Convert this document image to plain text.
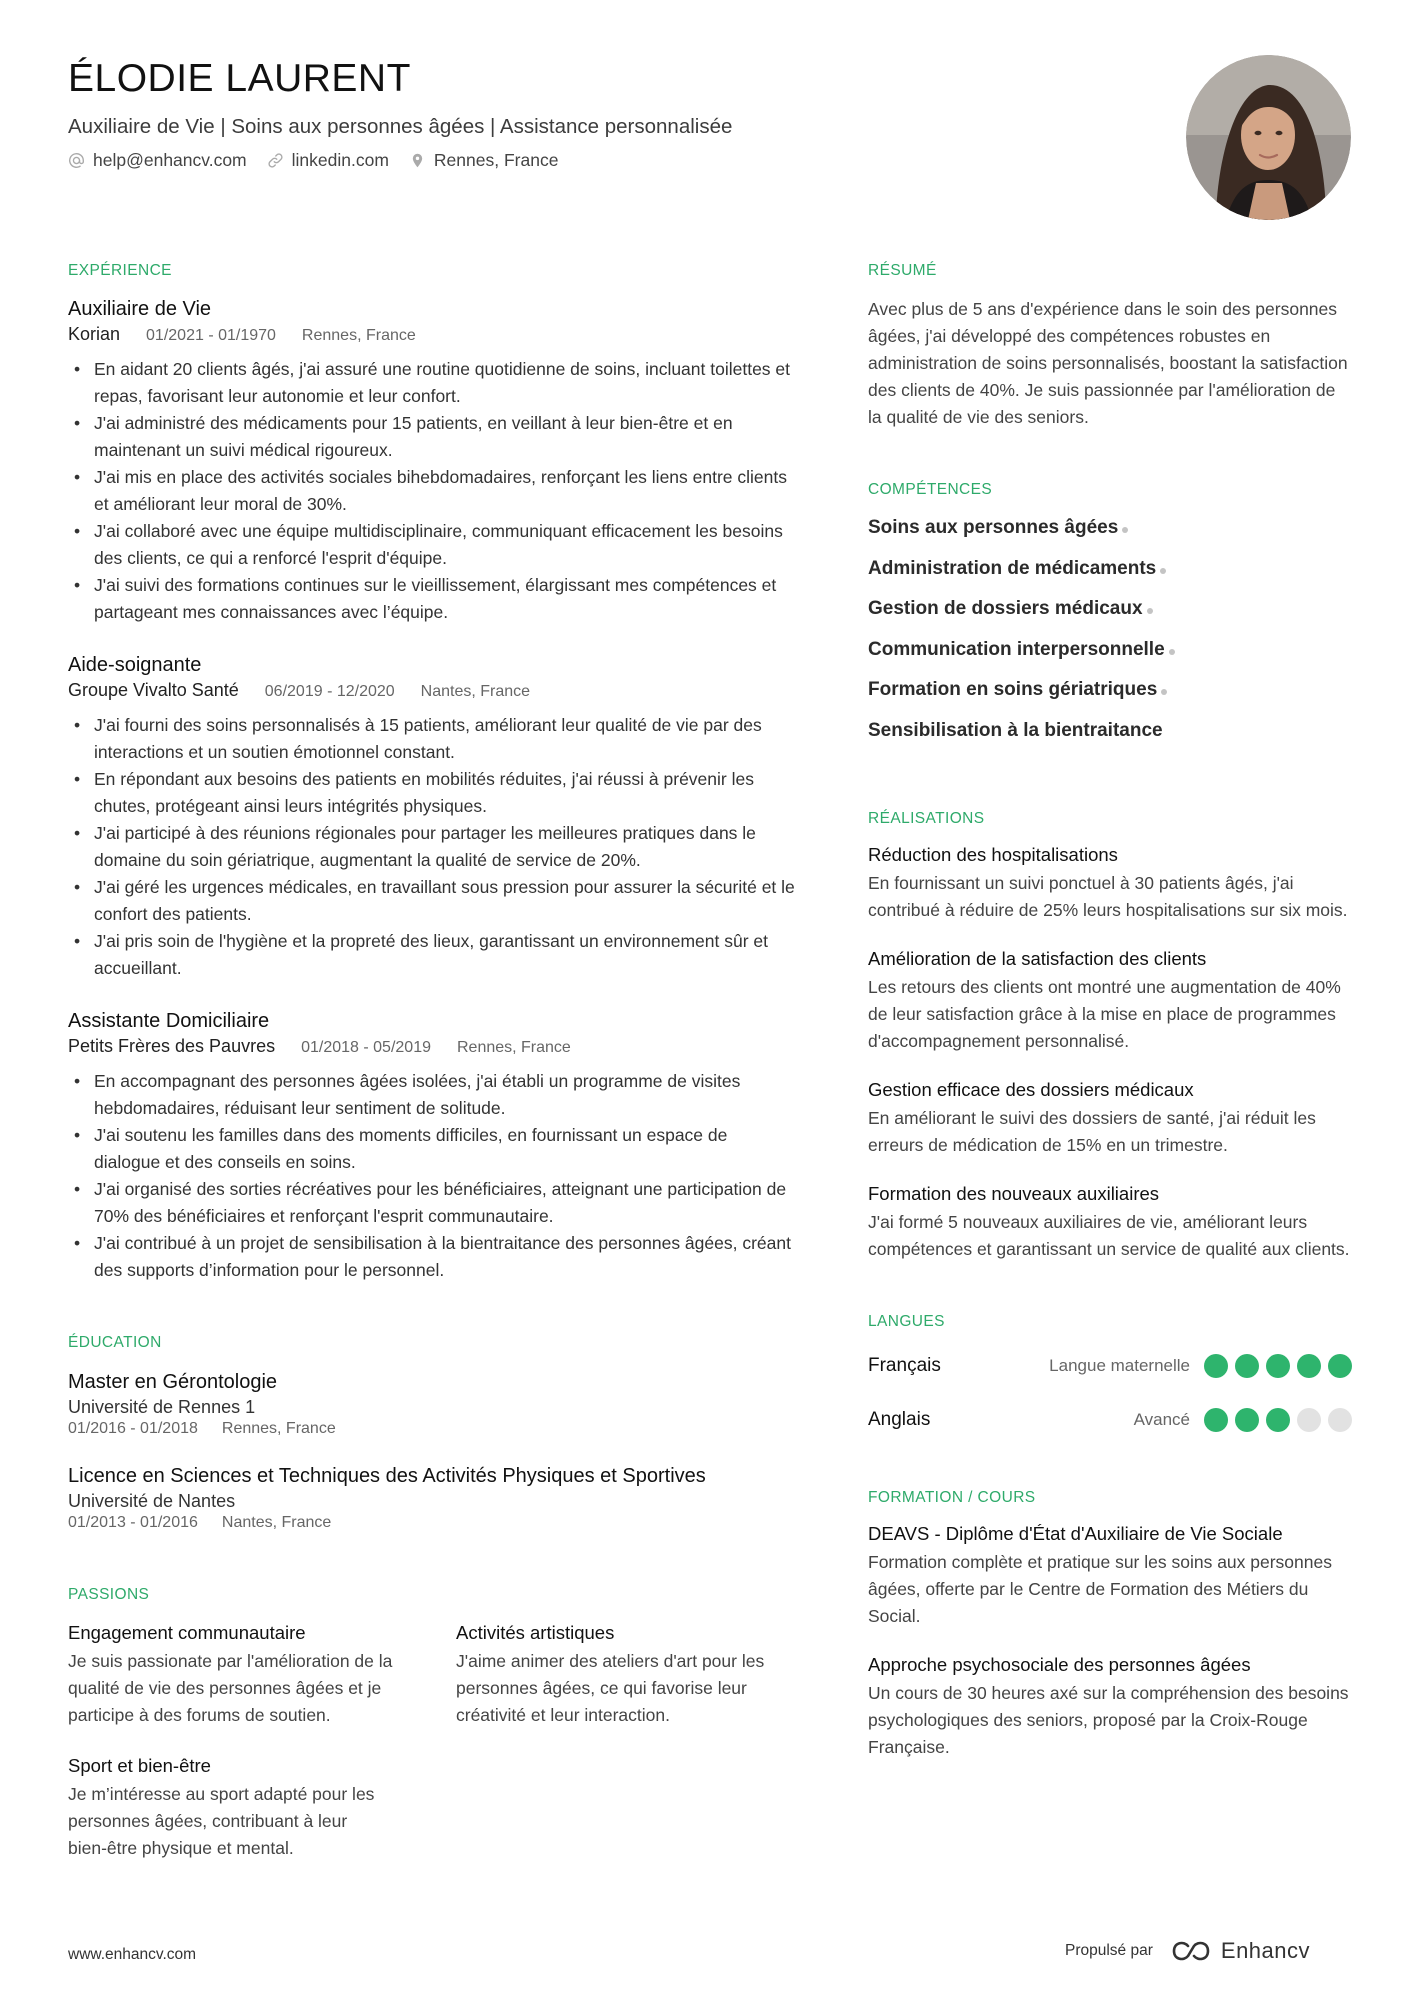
ÉLODIE LAURENT
Auxiliaire de Vie | Soins aux personnes âgées | Assistance personnalisée
help@enhancv.com	linkedin.com	Rennes, France
EXPÉRIENCE
Auxiliaire de Vie
Korian 01/2021 - 01/1970 Rennes, France
• En aidant 20 clients âgés, j'ai assuré une routine quotidienne de soins, incluant toilettes et repas, favorisant leur autonomie et leur confort.
• J'ai administré des médicaments pour 15 patients, en veillant à leur bien-être et en maintenant un suivi médical rigoureux.
• J'ai mis en place des activités sociales bihebdomadaires, renforçant les liens entre clients et améliorant leur moral de 30%.
• J'ai collaboré avec une équipe multidisciplinaire, communiquant efficacement les besoins des clients, ce qui a renforcé l'esprit d'équipe.
• J'ai suivi des formations continues sur le vieillissement, élargissant mes compétences et partageant mes connaissances avec l’équipe.
Aide-soignante
Groupe Vivalto Santé 06/2019 - 12/2020 Nantes, France
• J'ai fourni des soins personnalisés à 15 patients, améliorant leur qualité de vie par des interactions et un soutien émotionnel constant.
• En répondant aux besoins des patients en mobilités réduites, j'ai réussi à prévenir les chutes, protégeant ainsi leurs intégrités physiques.
• J'ai participé à des réunions régionales pour partager les meilleures pratiques dans le domaine du soin gériatrique, augmentant la qualité de service de 20%.
• J'ai géré les urgences médicales, en travaillant sous pression pour assurer la sécurité et le confort des patients.
• J'ai pris soin de l'hygiène et la propreté des lieux, garantissant un environnement sûr et accueillant.
Assistante Domiciliaire
Petits Frères des Pauvres 01/2018 - 05/2019 Rennes, France
• En accompagnant des personnes âgées isolées, j'ai établi un programme de visites hebdomadaires, réduisant leur sentiment de solitude.
• J'ai soutenu les familles dans des moments difficiles, en fournissant un espace de dialogue et des conseils en soins.
• J'ai organisé des sorties récréatives pour les bénéficiaires, atteignant une participation de 70% des bénéficiaires et renforçant l'esprit communautaire.
• J'ai contribué à un projet de sensibilisation à la bientraitance des personnes âgées, créant des supports d’information pour le personnel.
ÉDUCATION
Master en Gérontologie
Université de Rennes 1
01/2016 - 01/2018 Rennes, France
Licence en Sciences et Techniques des Activités Physiques et Sportives
Université de Nantes
01/2013 - 01/2016 Nantes, France
PASSIONS
Engagement communautaire
Je suis passionate par l'amélioration de la qualité de vie des personnes âgées et je participe à des forums de soutien.
Activités artistiques
J'aime animer des ateliers d'art pour les personnes âgées, ce qui favorise leur créativité et leur interaction.
Sport et bien-être
Je m’intéresse au sport adapté pour les personnes âgées, contribuant à leur bien-être physique et mental.
RÉSUMÉ
Avec plus de 5 ans d'expérience dans le soin des personnes âgées, j'ai développé des compétences robustes en administration de soins personnalisés, boostant la satisfaction des clients de 40%. Je suis passionnée par l'amélioration de la qualité de vie des seniors.
COMPÉTENCES
Soins aux personnes âgées
Administration de médicaments
Gestion de dossiers médicaux
Communication interpersonnelle
Formation en soins gériatriques
Sensibilisation à la bientraitance
RÉALISATIONS
Réduction des hospitalisations
En fournissant un suivi ponctuel à 30 patients âgés, j'ai contribué à réduire de 25% leurs hospitalisations sur six mois.
Amélioration de la satisfaction des clients
Les retours des clients ont montré une augmentation de 40% de leur satisfaction grâce à la mise en place de programmes d'accompagnement personnalisé.
Gestion efficace des dossiers médicaux
En améliorant le suivi des dossiers de santé, j'ai réduit les erreurs de médication de 15% en un trimestre.
Formation des nouveaux auxiliaires
J'ai formé 5 nouveaux auxiliaires de vie, améliorant leurs compétences et garantissant un service de qualité aux clients.
LANGUES
Français	Langue maternelle
Anglais	Avancé
FORMATION / COURS
DEAVS - Diplôme d'État d'Auxiliaire de Vie Sociale
Formation complète et pratique sur les soins aux personnes âgées, offerte par le Centre de Formation des Métiers du Social.
Approche psychosociale des personnes âgées
Un cours de 30 heures axé sur la compréhension des besoins psychologiques des seniors, proposé par la Croix-Rouge Française.
www.enhancv.com	Propulsé par	Enhancv
